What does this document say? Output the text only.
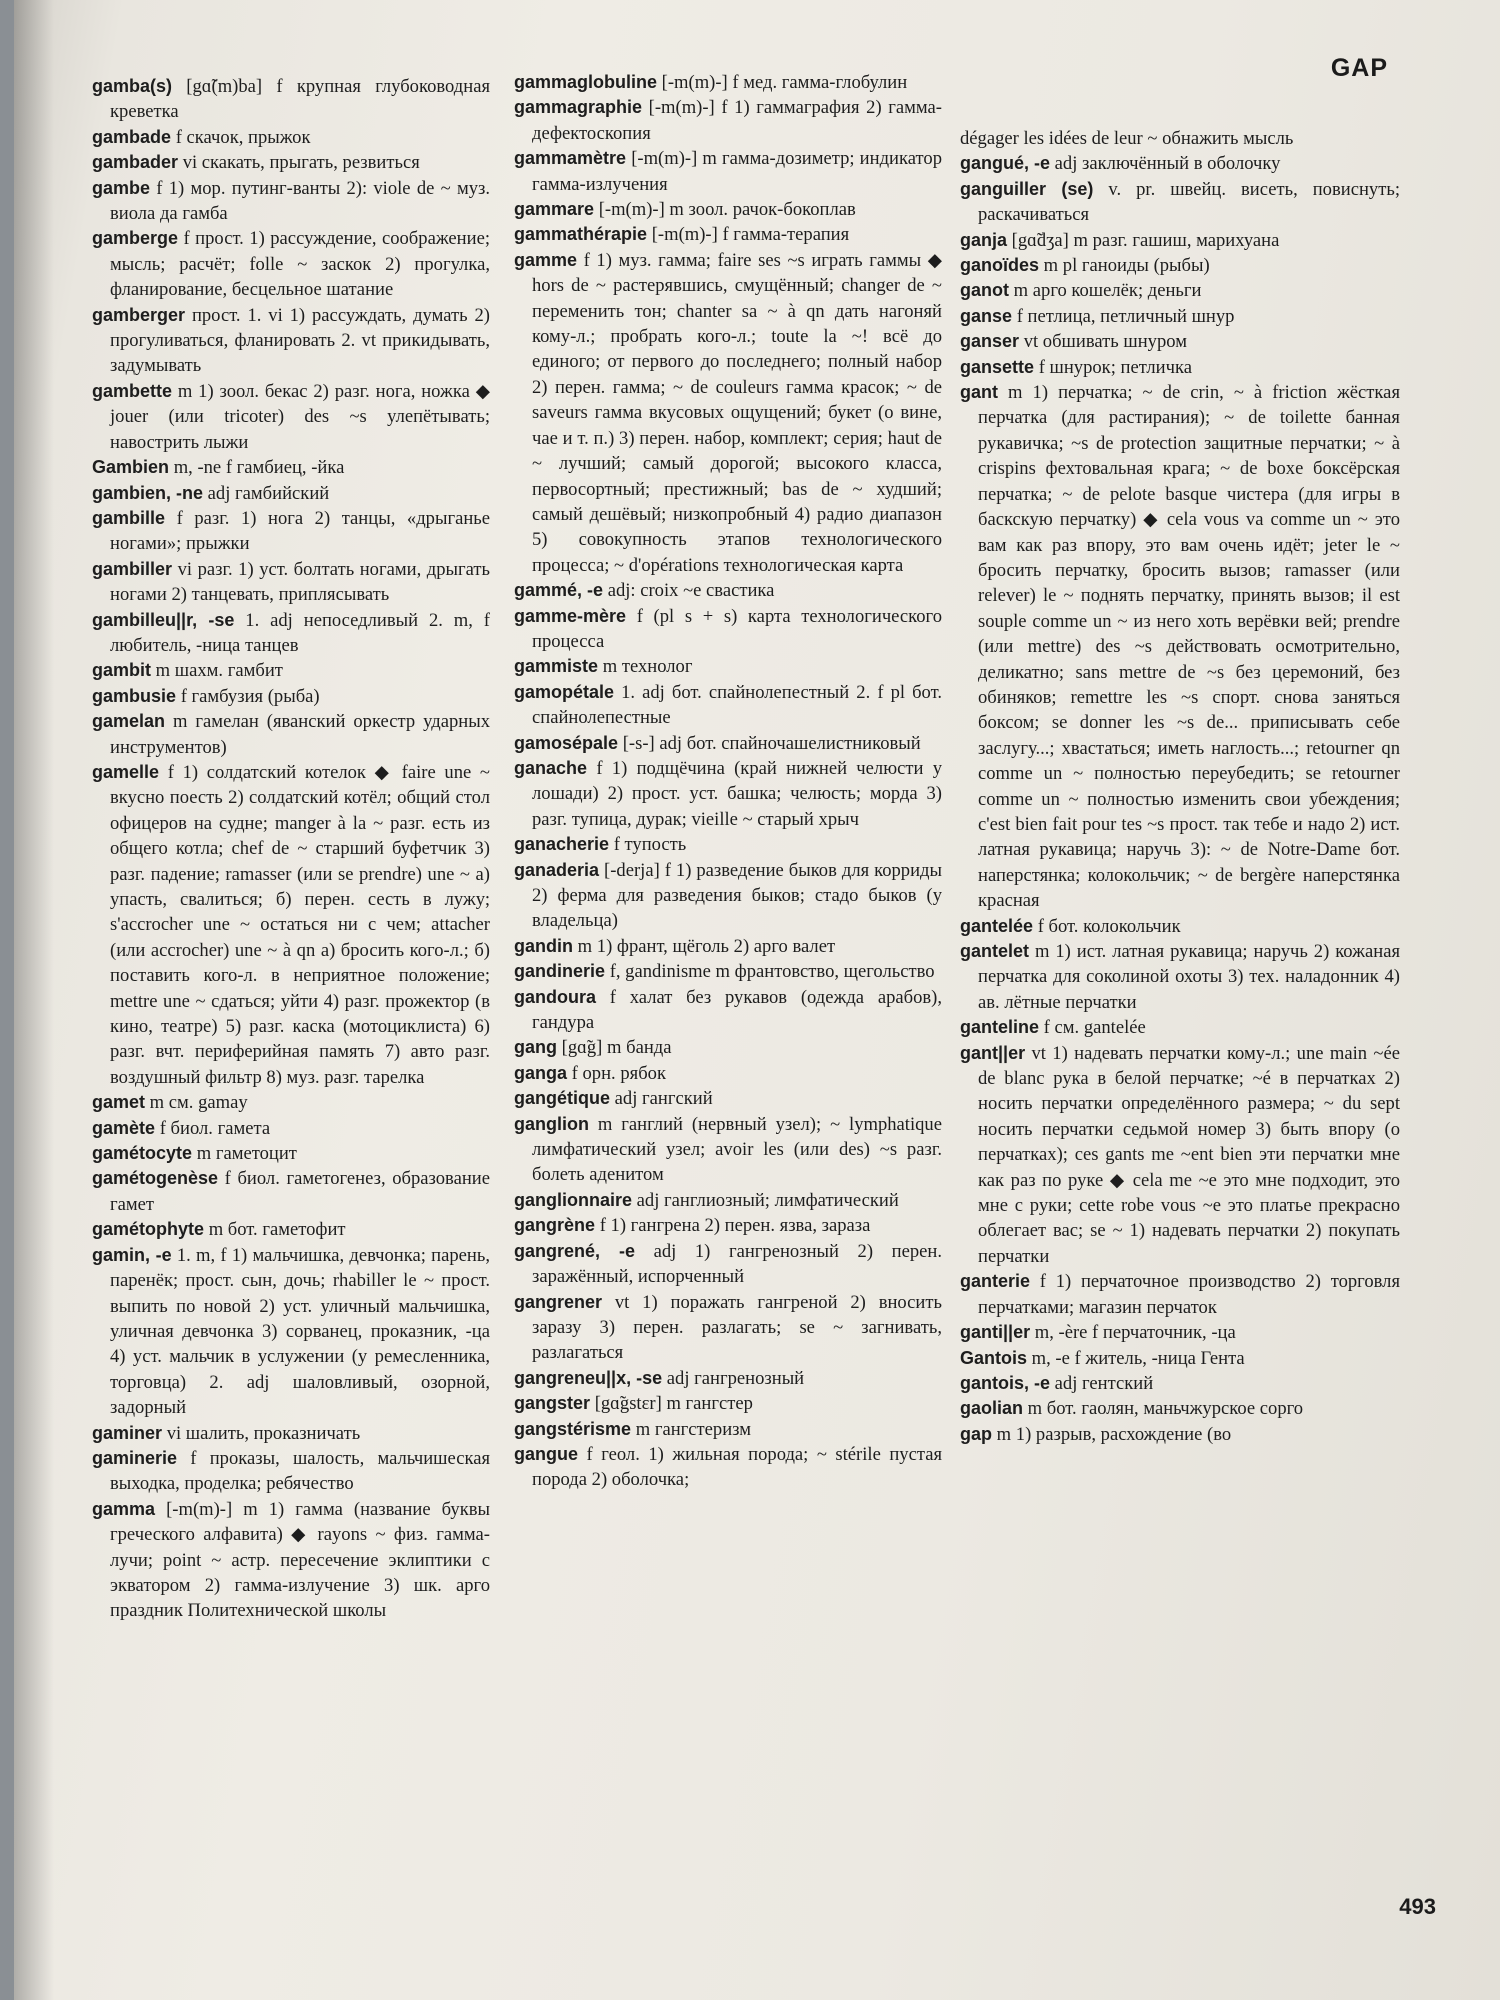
GAP

gamba(s) [gɑ̃(m)ba] f крупная глубоководная креветка

gambade f скачок, прыжок

gambader vi скакать, прыгать, резвиться

gambe f 1) мор. путинг-ванты 2): viole de ~ муз. виола да гамба

gamberge f прост. 1) рассуждение, соображение; мысль; расчёт; folle ~ заскок 2) прогулка, фланирование, бесцельное шатание

gamberger прост. 1. vi 1) рассуждать, думать 2) прогуливаться, фланировать 2. vt прикидывать, задумывать

gambette m 1) зоол. бекас 2) разг. нога, ножка ◆ jouer (или tricoter) des ~s улепётывать; навострить лыжи

Gambien m, -ne f гамбиец, -йка

gambien, -ne adj гамбийский

gambille f разг. 1) нога 2) танцы, «дрыганье ногами»; прыжки

gambiller vi разг. 1) уст. болтать ногами, дрыгать ногами 2) танцевать, приплясывать

gambilleu||r, -se 1. adj непоседливый 2. m, f любитель, -ница танцев

gambit m шахм. гамбит

gambusie f гамбузия (рыба)

gamelan m гамелан (яванский оркестр ударных инструментов)

gamelle f 1) солдатский котелок ◆ faire une ~ вкусно поесть 2) солдатский котёл; общий стол офицеров на судне; manger à la ~ разг. есть из общего котла; chef de ~ старший буфетчик 3) разг. падение; ramasser (или se prendre) une ~ а) упасть, свалиться; б) перен. сесть в лужу; s'accrocher une ~ остаться ни с чем; attacher (или accrocher) une ~ à qn а) бросить кого-л.; б) поставить кого-л. в неприятное положение; mettre une ~ сдаться; уйти 4) разг. прожектор (в кино, театре) 5) разг. каска (мотоциклиста) 6) разг. вчт. периферийная память 7) авто разг. воздушный фильтр 8) муз. разг. тарелка

gamet m см. gamay

gamète f биол. гамета

gamétocyte m гаметоцит

gamétogenèse f биол. гаметогенез, образование гамет

gamétophyte m бот. гаметофит

gamin, -e 1. m, f 1) мальчишка, девчонка; парень, паренёк; прост. сын, дочь; rhabiller le ~ прост. выпить по новой 2) уст. уличный мальчишка, уличная девчонка 3) сорванец, проказник, -ца 4) уст. мальчик в услужении (у ремесленника, торговца) 2. adj шаловливый, озорной, задорный

gaminer vi шалить, проказничать

gaminerie f проказы, шалость, мальчишеская выходка, проделка; ребячество

gamma [-m(m)-] m 1) гамма (название буквы греческого алфавита) ◆ rayons ~ физ. гамма-лучи; point ~ астр. пересечение эклиптики с экватором 2) гамма-излучение 3) шк. арго праздник Политехнической школы

gammaglobuline [-m(m)-] f мед. гамма-глобулин

gammagraphie [-m(m)-] f 1) гаммаграфия 2) гамма-дефектоскопия

gammamètre [-m(m)-] m гамма-дозиметр; индикатор гамма-излучения

gammare [-m(m)-] m зоол. рачок-бокоплав

gammathérapie [-m(m)-] f гамма-терапия

gamme f 1) муз. гамма; faire ses ~s играть гаммы ◆ hors de ~ растерявшись, смущённый; changer de ~ переменить тон; chanter sa ~ à qn дать нагоняй кому-л.; пробрать кого-л.; toute la ~! всё до единого; от первого до последнего; полный набор 2) перен. гамма; ~ de couleurs гамма красок; ~ de saveurs гамма вкусовых ощущений; букет (о вине, чае и т. п.) 3) перен. набор, комплект; серия; haut de ~ лучший; самый дорогой; высокого класса, первосортный; престижный; bas de ~ худший; самый дешёвый; низкопробный 4) радио диапазон 5) совокупность этапов технологического процесса; ~ d'opérations технологическая карта

gammé, -e adj: croix ~e свастика

gamme-mère f (pl s + s) карта технологического процесса

gammiste m технолог

gamopétale 1. adj бот. спайнолепестный 2. f pl бот. спайнолепестные

gamosépale [-s-] adj бот. спайночашелистниковый

ganache f 1) подщёчина (край нижней челюсти у лошади) 2) прост. уст. башка; челюсть; морда 3) разг. тупица, дурак; vieille ~ старый хрыч

ganacherie f тупость

ganaderia [-derja] f 1) разведение быков для корриды 2) ферма для разведения быков; стадо быков (у владельца)

gandin m 1) франт, щёголь 2) арго валет

gandinerie f, gandinisme m франтовство, щегольство

gandoura f халат без рукавов (одежда арабов), гандура

gang [gɑ̃g] m банда

ganga f орн. рябок

gangétique adj гангский

ganglion m ганглий (нервный узел); ~ lymphatique лимфатический узел; avoir les (или des) ~s разг. болеть аденитом

ganglionnaire adj ганглиозный; лимфатический

gangrène f 1) гангрена 2) перен. язва, зараза

gangrené, -e adj 1) гангренозный 2) перен. заражённый, испорченный

gangrener vt 1) поражать гангреной 2) вносить заразу 3) перен. разлагать; se ~ загнивать, разлагаться

gangreneu||x, -se adj гангренозный

gangster [gɑ̃gstɛr] m гангстер

gangstérisme m гангстеризм

gangue f геол. 1) жильная порода; ~ stérile пустая порода 2) оболочка;

dégager les idées de leur ~ обнажить мысль

gangué, -e adj заключённый в оболочку

ganguiller (se) v. pr. швейц. висеть, повиснуть; раскачиваться

ganja [gɑ̃dʒa] m разг. гашиш, марихуана

ganoïdes m pl ганоиды (рыбы)

ganot m арго кошелёк; деньги

ganse f петлица, петличный шнур

ganser vt обшивать шнуром

gansette f шнурок; петличка

gant m 1) перчатка; ~ de crin, ~ à friction жёсткая перчатка (для растирания); ~ de toilette банная рукавичка; ~s de protection защитные перчатки; ~ à crispins фехтовальная крага; ~ de boxe боксёрская перчатка; ~ de pelote basque чистера (для игры в баскскую перчатку) ◆ cela vous va comme un ~ это вам как раз впору, это вам очень идёт; jeter le ~ бросить перчатку, бросить вызов; ramasser (или relever) le ~ поднять перчатку, принять вызов; il est souple comme un ~ из него хоть верёвки вей; prendre (или mettre) des ~s действовать осмотрительно, деликатно; sans mettre de ~s без церемоний, без обиняков; remettre les ~s спорт. снова заняться боксом; se donner les ~s de... приписывать себе заслугу...; хвастаться; иметь наглость...; retourner qn comme un ~ полностью переубедить; se retourner comme un ~ полностью изменить свои убеждения; c'est bien fait pour tes ~s прост. так тебе и надо 2) ист. латная рукавица; наручь 3): ~ de Notre-Dame бот. наперстянка; колокольчик; ~ de bergère наперстянка красная

gantelée f бот. колокольчик

gantelet m 1) ист. латная рукавица; наручь 2) кожаная перчатка для соколиной охоты 3) тех. наладонник 4) ав. лётные перчатки

ganteline f см. gantelée

gant||er vt 1) надевать перчатки кому-л.; une main ~ée de blanc рука в белой перчатке; ~é в перчатках 2) носить перчатки определённого размера; ~ du sept носить перчатки седьмой номер 3) быть впору (о перчатках); ces gants me ~ent bien эти перчатки мне как раз по руке ◆ cela me ~e это мне подходит, это мне с руки; cette robe vous ~e это платье прекрасно облегает вас; se ~ 1) надевать перчатки 2) покупать перчатки

ganterie f 1) перчаточное производство 2) торговля перчатками; магазин перчаток

ganti||er m, -ère f перчаточник, -ца

Gantois m, -e f житель, -ница Гента

gantois, -e adj гентский

gaolian m бот. гаолян, маньчжурское сорго

gap m 1) разрыв, расхождение (во

493
